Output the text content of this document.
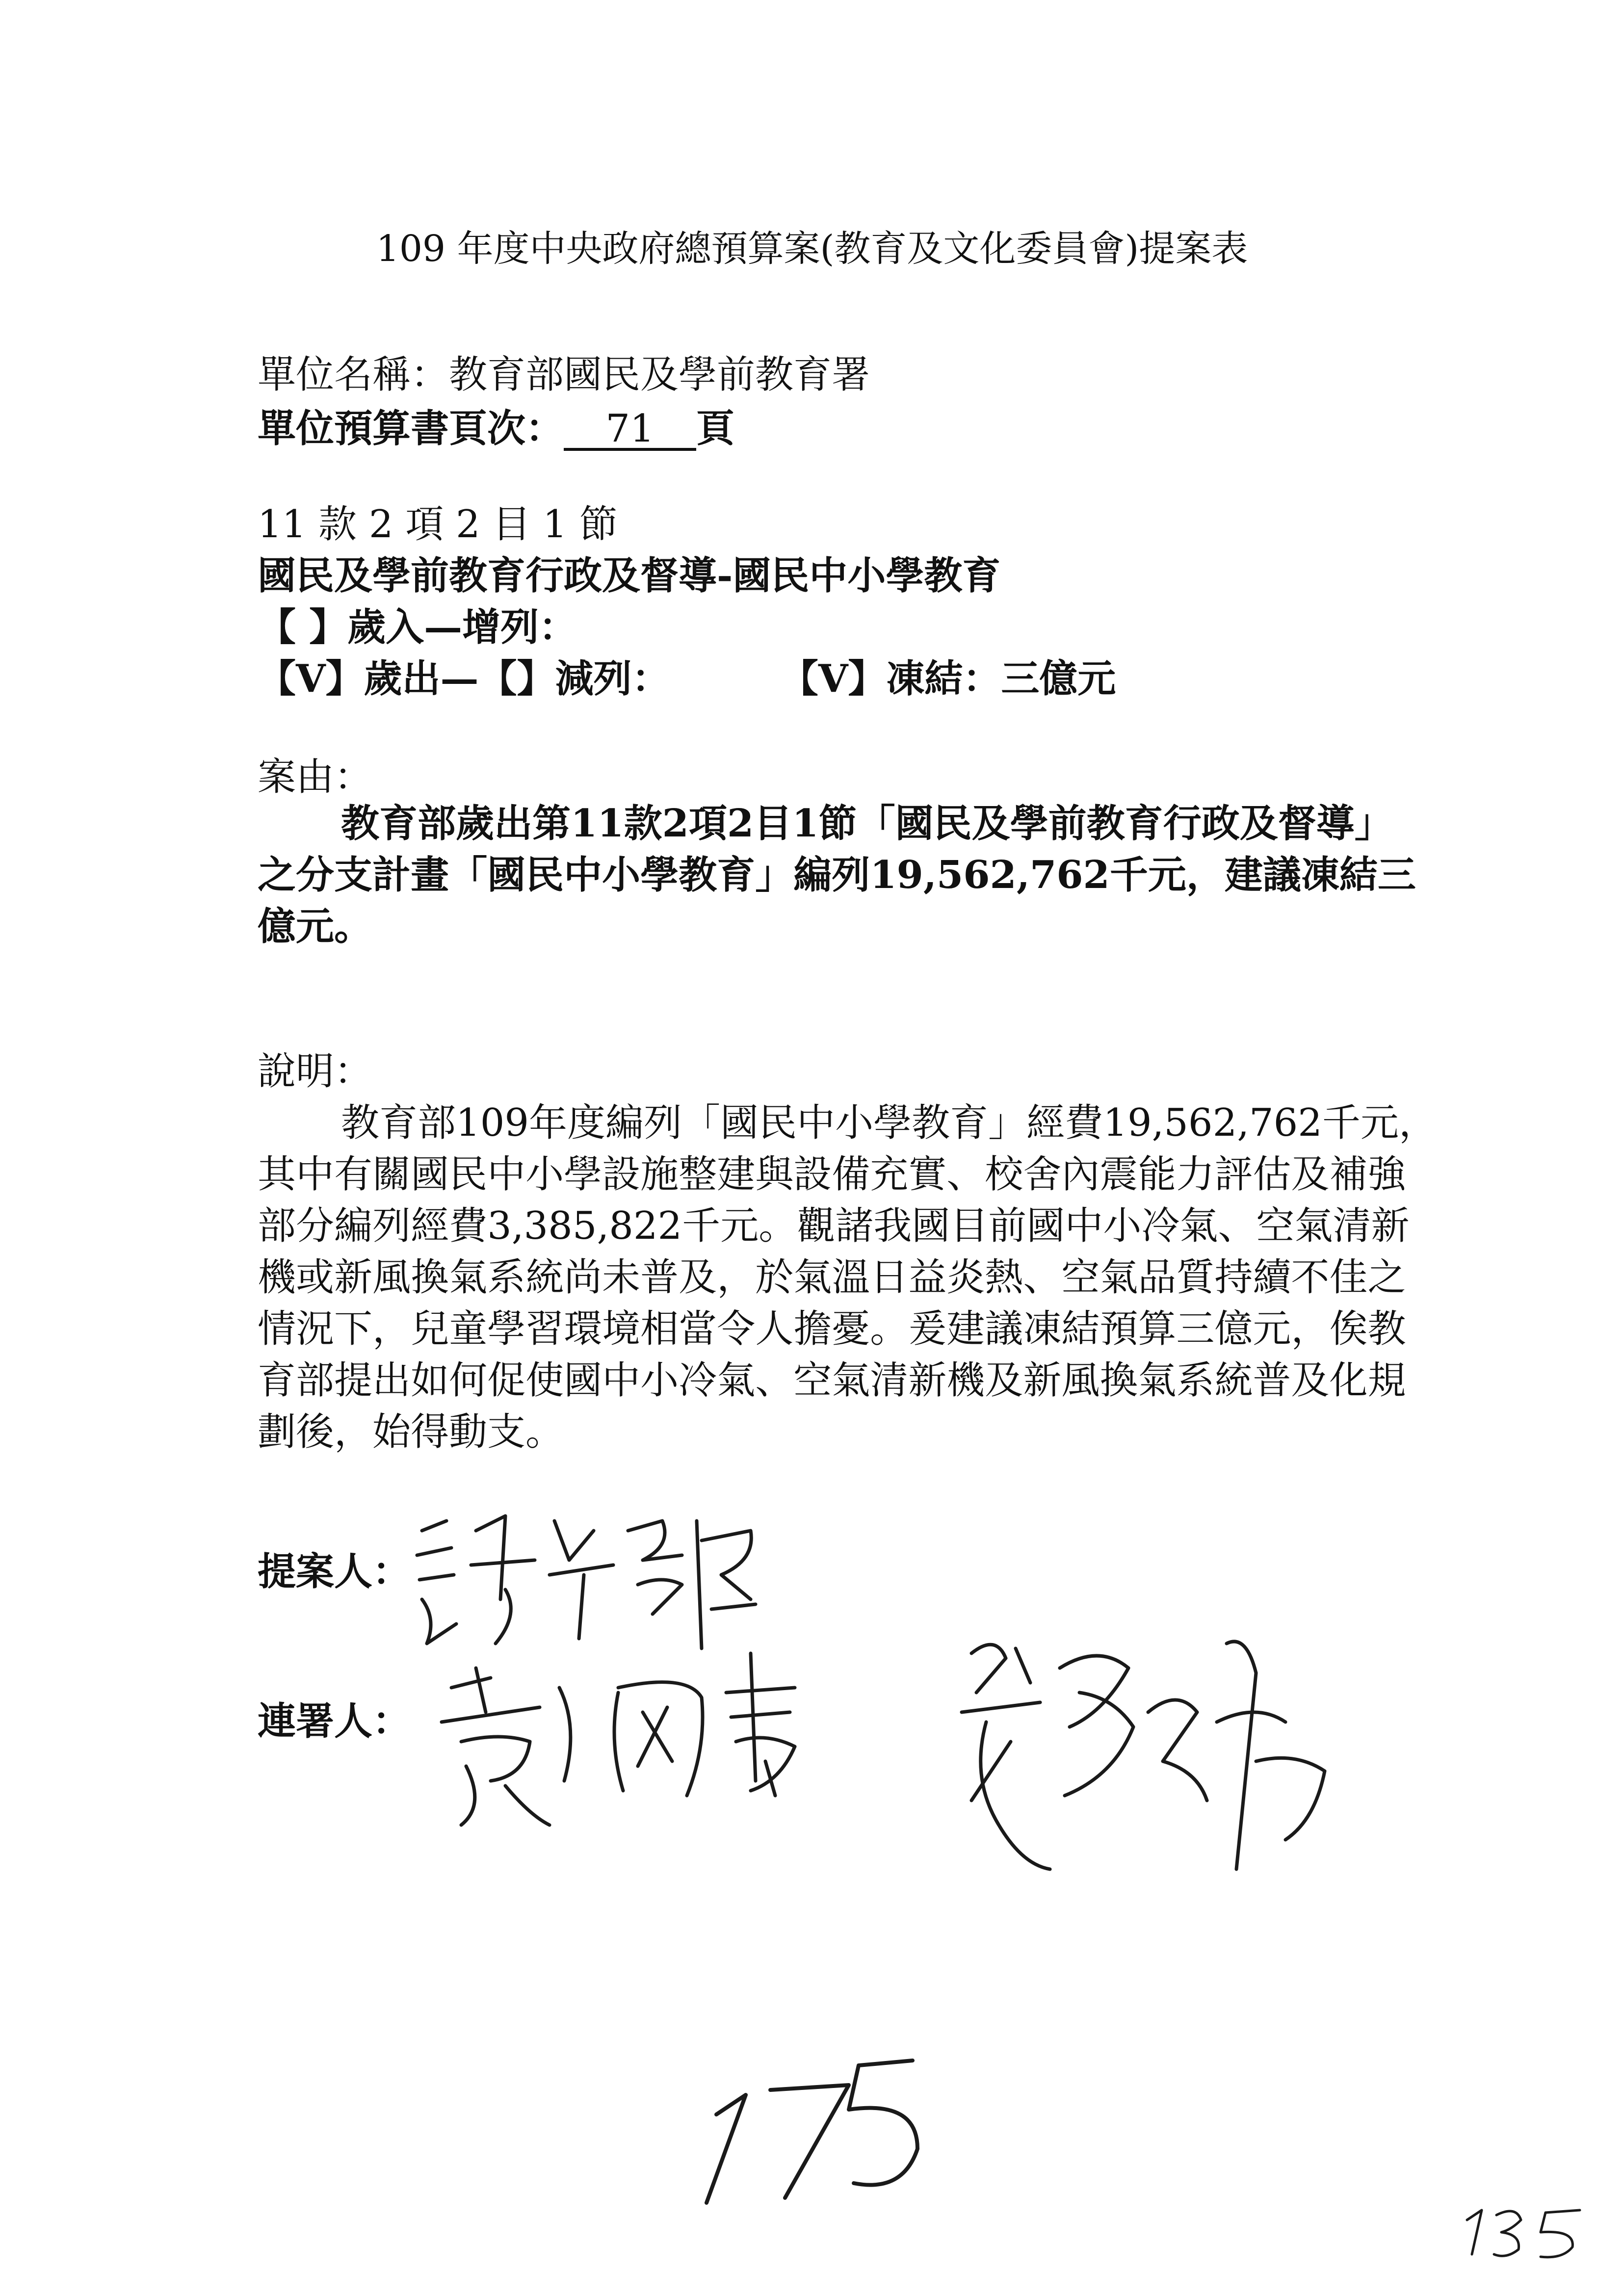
109 年度中央政府總預算案(教育及文化委員會)提案表
單位名稱：教育部國民及學前教育署
單位預算書頁次： 71 頁
11 款 2 項 2 目 1 節
國民及學前教育行政及督導-國民中小學教育
【 】歲入—增列：
【V】歲出—【】減列：	【V】凍結：三億元
案由：
教 育 部 歲 出 第 1 1 款 2 項 2 目 1 節 「 國 民 及 學 前 教 育 行 政 及 督 導 」
之 分 支 計 畫 「 國 民 中 小 學 教 育 」 編 列 1 9 , 5 6 2 , 7 6 2 千 元 ， 建 議 凍 結 三
億元。
說明：
教 育 部 1 0 9 年 度 編 列 「 國 民 中 小 學 教 育 」 經 費 1 9 , 5 6 2 , 7 6 2 千 元 ，
其 中 有 關 國 民 中 小 學 設 施 整 建 與 設 備 充 實 、 校 舍 內 震 能 力 評 估 及 補 強
部 分 編 列 經 費 3 , 3 8 5 , 8 2 2 千 元 。 觀 諸 我 國 目 前 國 中 小 冷 氣 、 空 氣 清 新
機 或 新 風 換 氣 系 統 尚 未 普 及 ， 於 氣 溫 日 益 炎 熱 、 空 氣 品 質 持 續 不 佳 之
情 況 下 ， 兒 童 學 習 環 境 相 當 令 人 擔 憂 。 爰 建 議 凍 結 預 算 三 億 元 ， 俟 教
育 部 提 出 如 何 促 使 國 中 小 冷 氣 、 空 氣 清 新 機 及 新 風 換 氣 系 統 普 及 化 規
劃後，始得動支。
提案人：
連署人：
